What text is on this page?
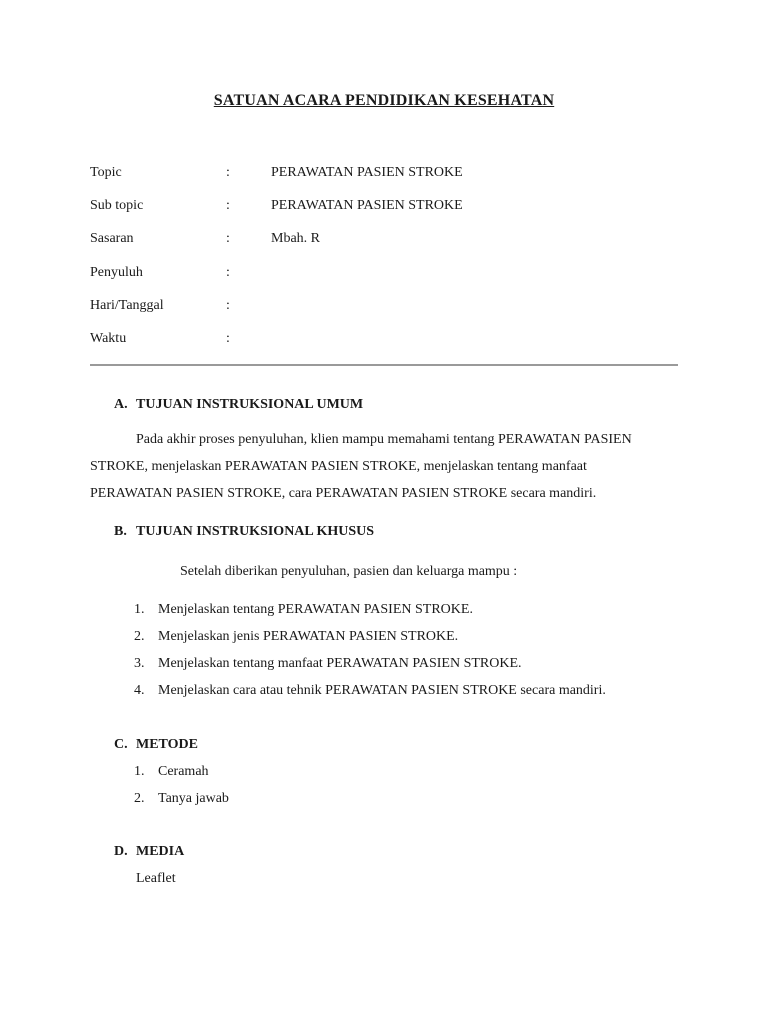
SATUAN ACARA PENDIDIKAN KESEHATAN
Topic	:	PERAWATAN PASIEN STROKE
Sub topic	:	PERAWATAN PASIEN STROKE
Sasaran	:	Mbah. R
Penyuluh	:
Hari/Tanggal	:
Waktu	:
A. TUJUAN INSTRUKSIONAL UMUM
Pada akhir proses penyuluhan, klien mampu memahami tentang PERAWATAN PASIEN
STROKE, menjelaskan PERAWATAN PASIEN STROKE, menjelaskan tentang manfaat
PERAWATAN PASIEN STROKE, cara PERAWATAN PASIEN STROKE secara mandiri.
B. TUJUAN INSTRUKSIONAL KHUSUS
Setelah diberikan penyuluhan, pasien dan keluarga mampu :
1. Menjelaskan tentang PERAWATAN PASIEN STROKE.
2. Menjelaskan jenis PERAWATAN PASIEN STROKE.
3. Menjelaskan tentang manfaat PERAWATAN PASIEN STROKE.
4. Menjelaskan cara atau tehnik PERAWATAN PASIEN STROKE secara mandiri.
C. METODE
1. Ceramah
2. Tanya jawab
D. MEDIA
Leaflet
